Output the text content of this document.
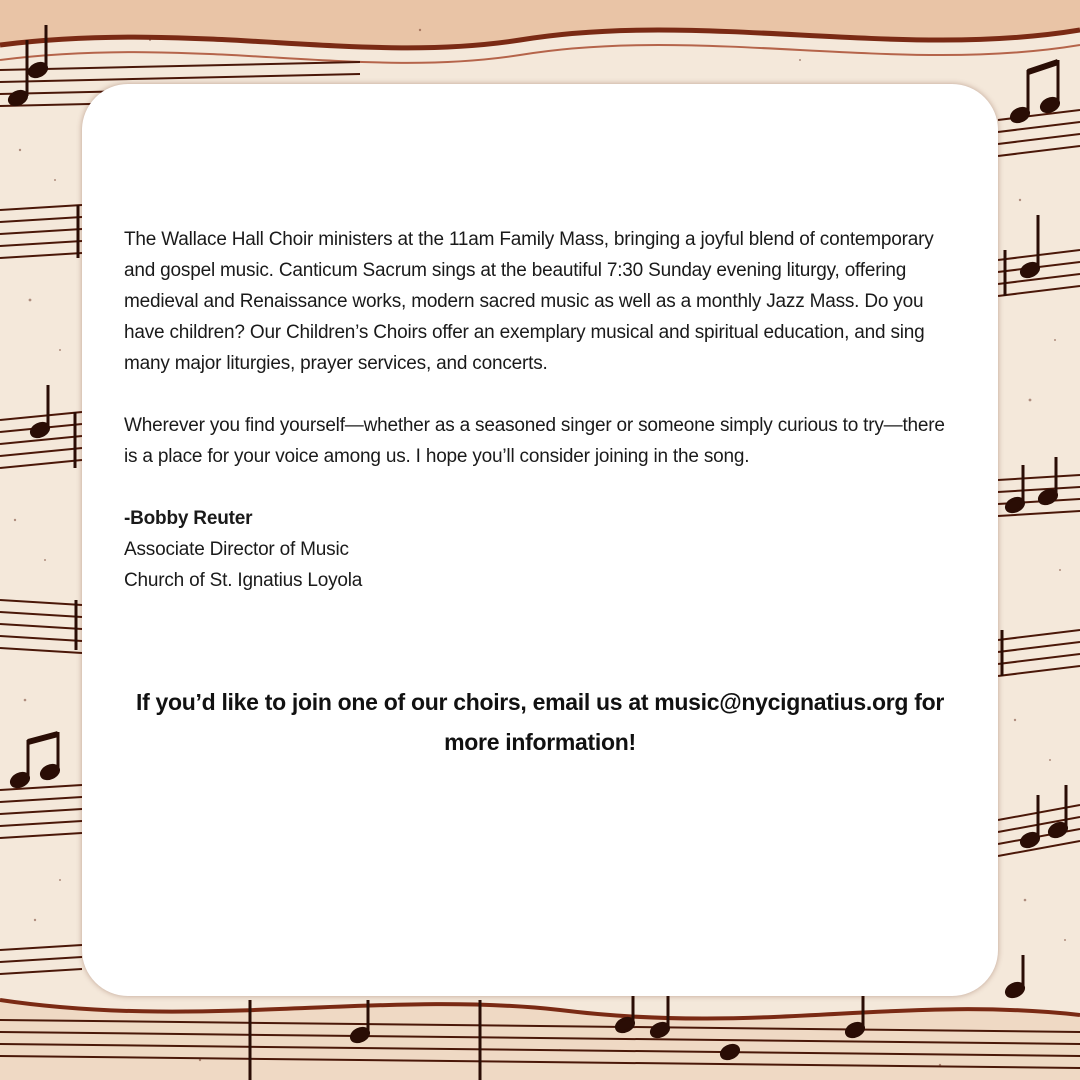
The Wallace Hall Choir ministers at the 11am Family Mass, bringing a joyful blend of contemporary and gospel music. Canticum Sacrum sings at the beautiful 7:30 Sunday evening liturgy, offering medieval and Renaissance works, modern sacred music as well as a monthly Jazz Mass. Do you have children? Our Children’s Choirs offer an exemplary musical and spiritual education, and sing many major liturgies, prayer services, and concerts.

Wherever you find yourself—whether as a seasoned singer or someone simply curious to try—there is a place for your voice among us. I hope you’ll consider joining in the song.

-Bobby Reuter
Associate Director of Music
Church of St. Ignatius Loyola
If you’d like to join one of our choirs, email us at music@nycignatius.org for more information!
